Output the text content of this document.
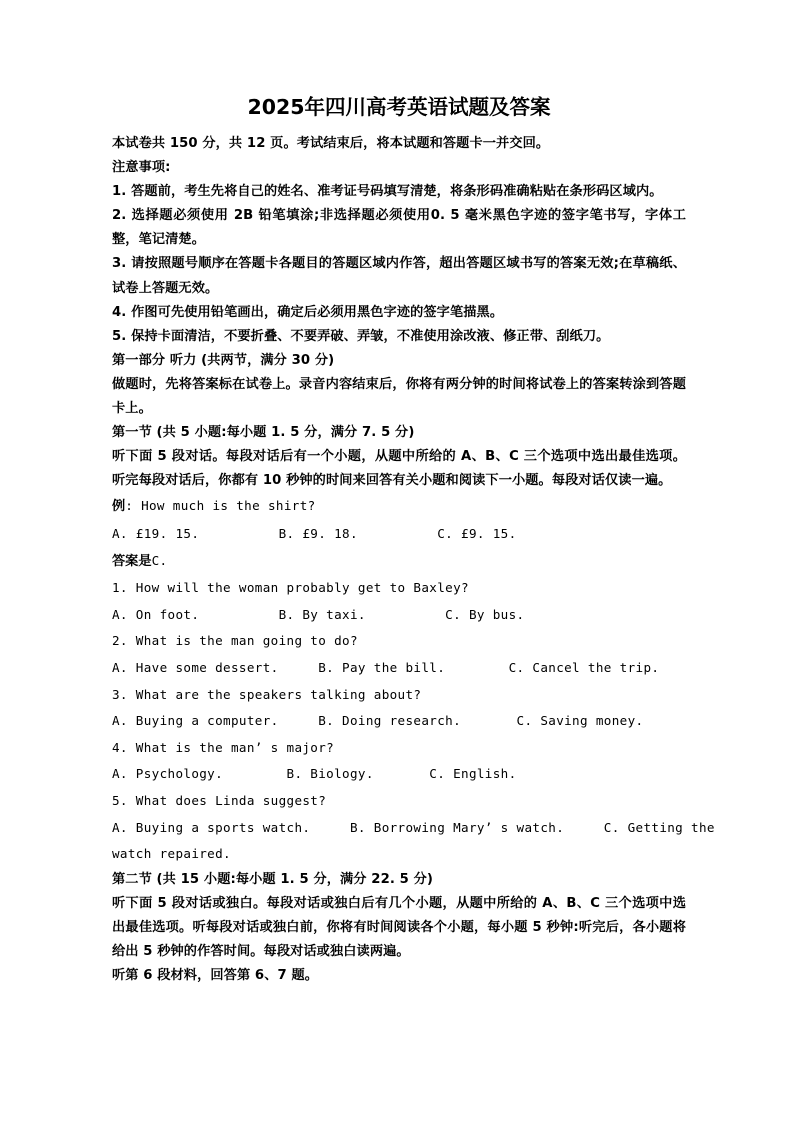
2025年四川高考英语试题及答案

本试卷共 150 分，共 12 页。考试结束后，将本试题和答题卡一并交回。

注意事项:

1. 答题前，考生先将自己的姓名、准考证号码填写清楚，将条形码准确粘贴在条形码区域内。

2. 选择题必须使用 2B 铅笔填涂;非选择题必须使用0. 5 毫米黑色字迹的签字笔书写，字体工整，笔记清楚。

3. 请按照题号顺序在答题卡各题目的答题区域内作答，超出答题区域书写的答案无效;在草稿纸、试卷上答题无效。

4. 作图可先使用铅笔画出，确定后必须用黑色字迹的签字笔描黑。

5. 保持卡面清洁，不要折叠、不要弄破、弄皱，不准使用涂改液、修正带、刮纸刀。

第一部分 听力 (共两节，满分 30 分)

做题时，先将答案标在试卷上。录音内容结束后，你将有两分钟的时间将试卷上的答案转涂到答题卡上。

第一节 (共 5 小题:每小题 1. 5 分，满分 7. 5 分)

听下面 5 段对话。每段对话后有一个小题，从题中所给的 A、B、C 三个选项中选出最佳选项。听完每段对话后，你都有 10 秒钟的时间来回答有关小题和阅读下一小题。每段对话仅读一遍。

例: How much is the shirt?

A. £19. 15.          B. £9. 18.          C. £9. 15.

答案是C.

1. How will the woman probably get to Baxley?

A. On foot.          B. By taxi.          C. By bus.

2. What is the man going to do?

A. Have some dessert.     B. Pay the bill.        C. Cancel the trip.

3. What are the speakers talking about?

A. Buying a computer.     B. Doing research.       C. Saving money.

4. What is the man’ s major?

A. Psychology.        B. Biology.       C. English.

5. What does Linda suggest?

A. Buying a sports watch.     B. Borrowing Mary’ s watch.     C. Getting the

watch repaired.

第二节 (共 15 小题:每小题 1. 5 分，满分 22. 5 分)

听下面 5 段对话或独白。每段对话或独白后有几个小题，从题中所给的 A、B、C 三个选项中选出最佳选项。听每段对话或独白前，你将有时间阅读各个小题，每小题 5 秒钟:听完后，各小题将给出 5 秒钟的作答时间。每段对话或独白读两遍。

听第 6 段材料，回答第 6、7 题。
